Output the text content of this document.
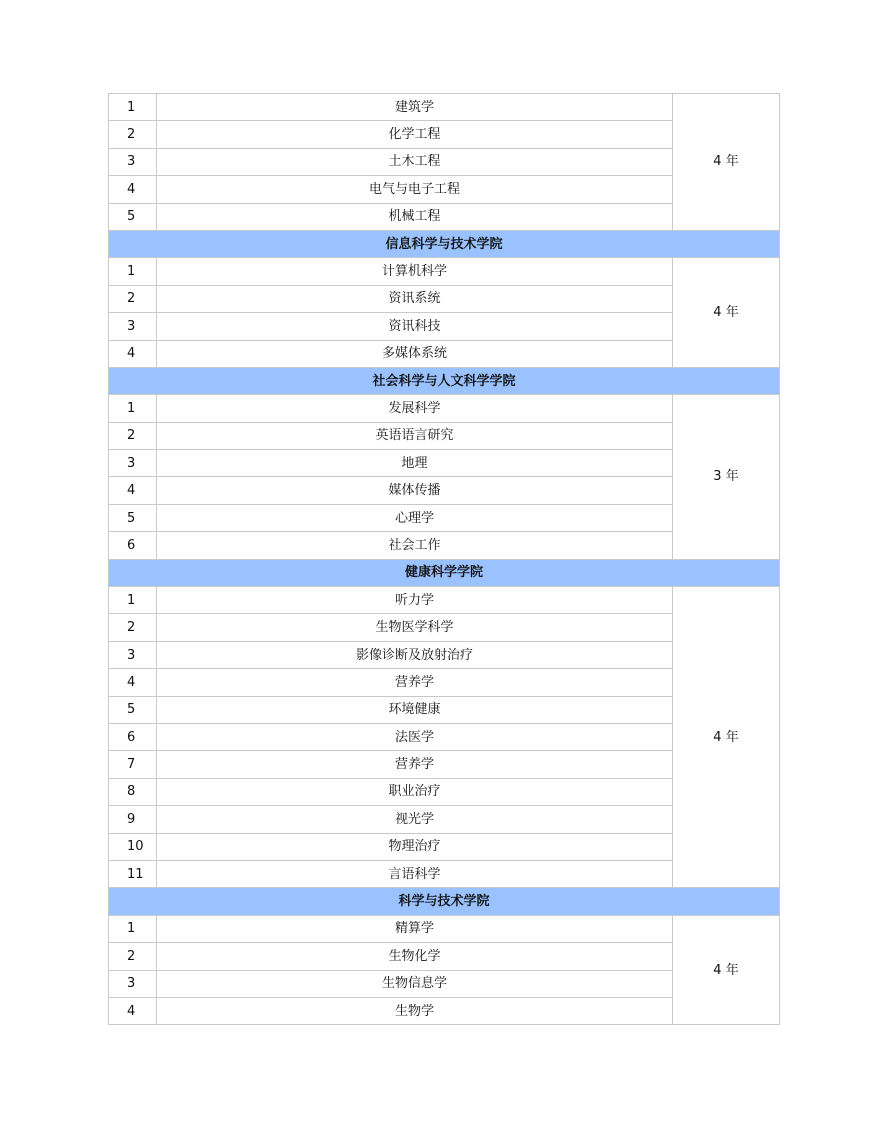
1	建筑学	4 年
2	化学工程	
3	土木工程	
4	电气与电子工程	
5	机械工程	
信息科学与技术学院		
1	计算机科学	4 年
2	资讯系统	
3	资讯科技	
4	多媒体系统	
社会科学与人文科学学院		
1	发展科学	3 年
2	英语语言研究	
3	地理	
4	媒体传播	
5	心理学	
6	社会工作	
健康科学学院		
1	听力学	4 年
2	生物医学科学	
3	影像诊断及放射治疗	
4	营养学	
5	环境健康	
6	法医学	
7	营养学	
8	职业治疗	
9	视光学	
10	物理治疗	
11	言语科学	
科学与技术学院		
1	精算学	4 年
2	生物化学	
3	生物信息学	
4	生物学	
